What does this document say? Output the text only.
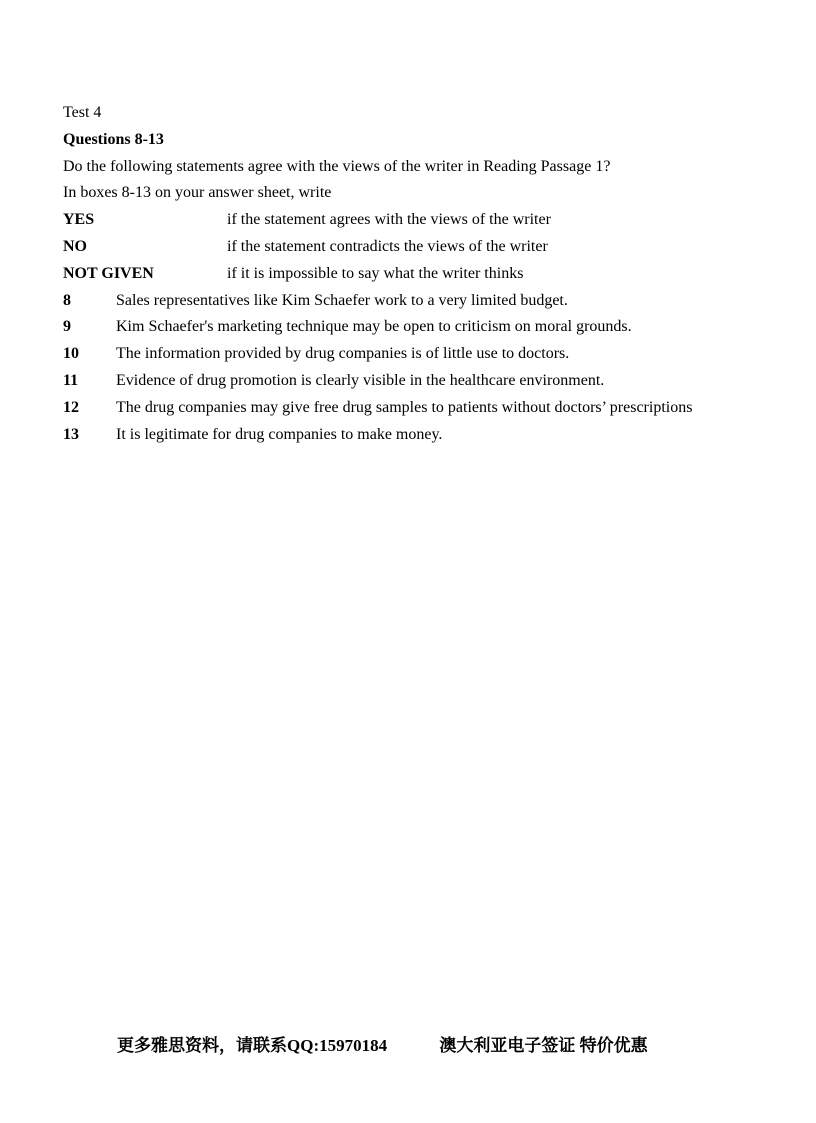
Test 4
Questions 8-13
Do the following statements agree with the views of the writer in Reading Passage 1?
In boxes 8-13 on your answer sheet, write
YES	if the statement agrees with the views of the writer
NO	if the statement contradicts the views of the writer
NOT GIVEN	if it is impossible to say what the writer thinks
8	Sales representatives like Kim Schaefer work to a very limited budget.
9	Kim Schaefer's marketing technique may be open to criticism on moral grounds.
10	The information provided by drug companies is of little use to doctors.
11	Evidence of drug promotion is clearly visible in the healthcare environment.
12	The drug companies may give free drug samples to patients without doctors’ prescriptions
13	It is legitimate for drug companies to make money.
更多雅思资料，请联系QQ:15970184	澳大利亚电子签证 特价优惠
